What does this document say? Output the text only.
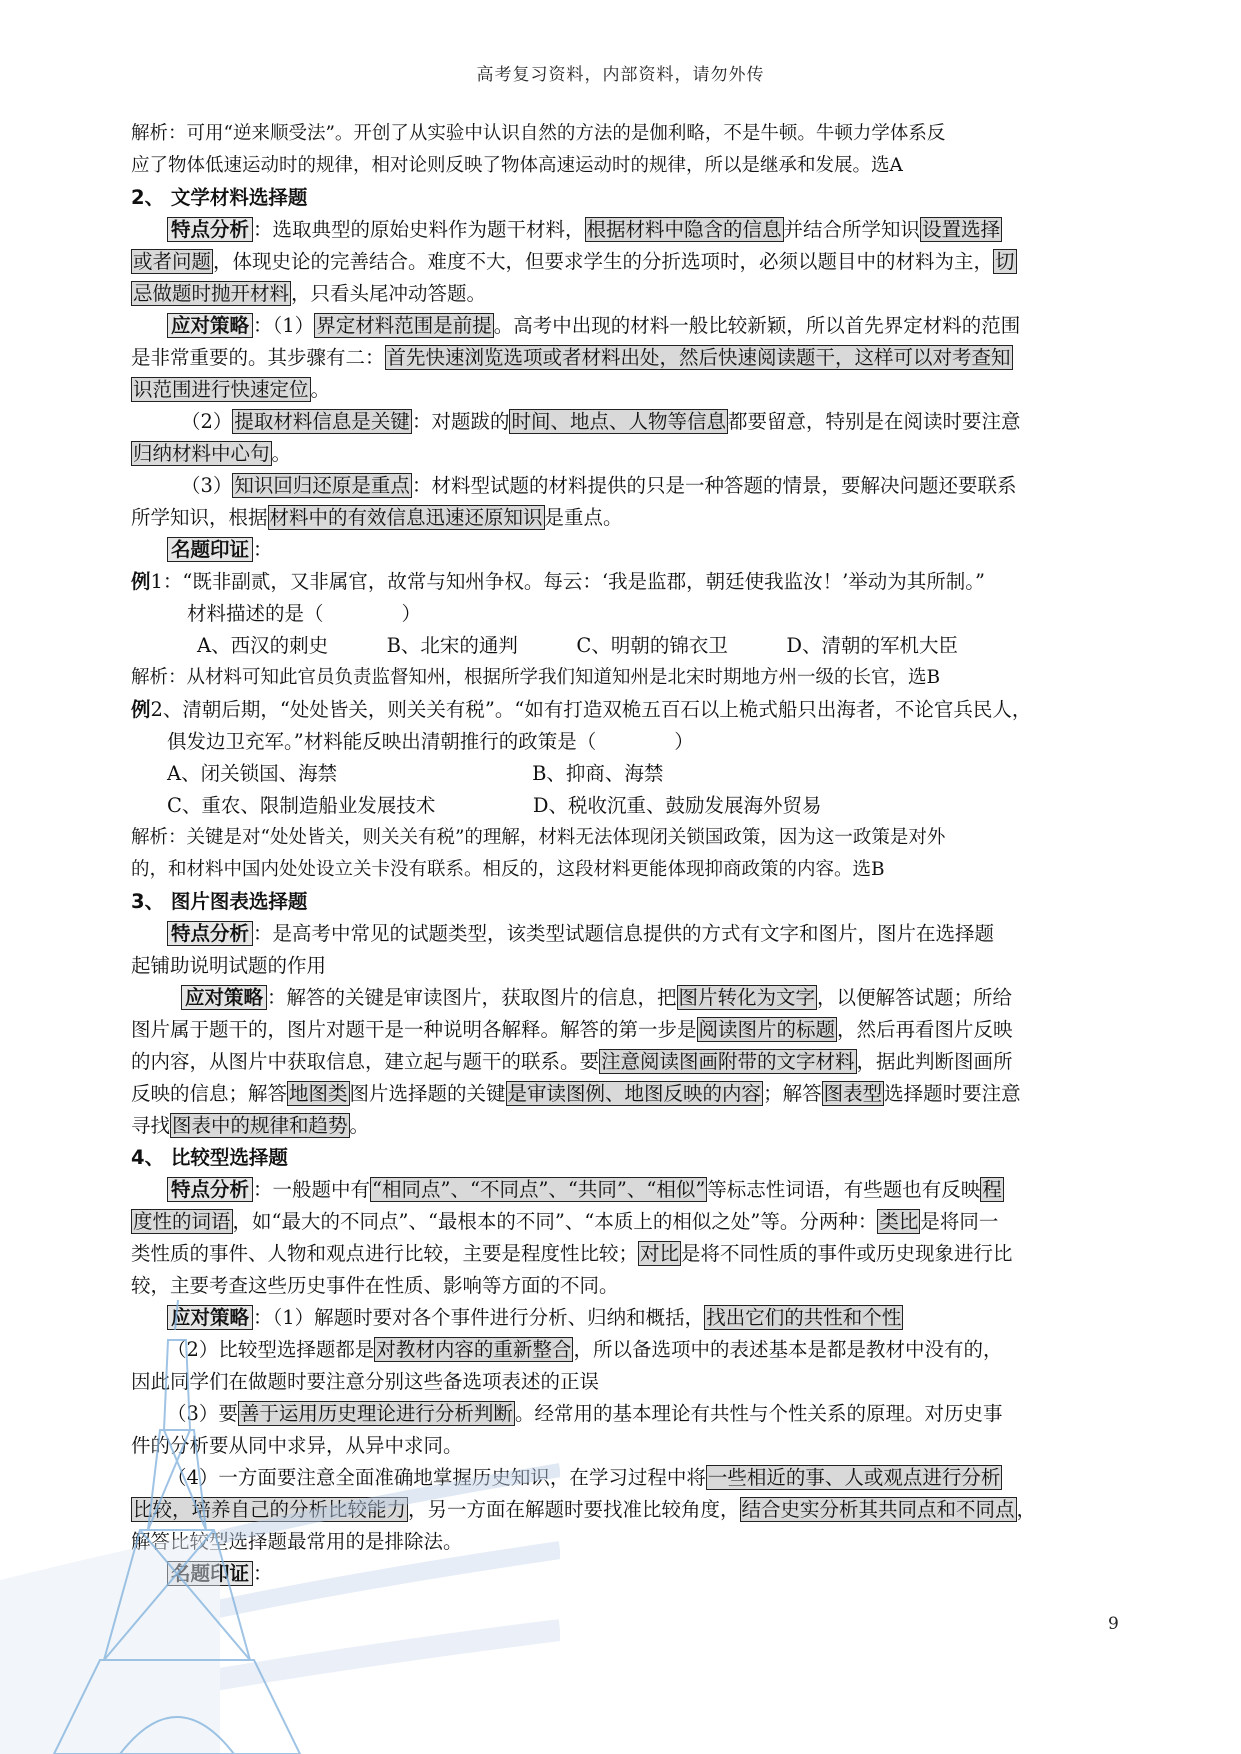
高考复习资料，内部资料，请勿外传
解析：可用“逆来顺受法”。开创了从实验中认识自然的方法的是伽利略，不是牛顿。牛顿力学体系反
应了物体低速运动时的规律，相对论则反映了物体高速运动时的规律，所以是继承和发展。选A
2、 文学材料选择题
特点分析 ：选取典型的原始史料作为题干材料， 根据材料中隐含的信息 并结合所学知识 设置选择
或者问题 ，体现史论的完善结合。难度不大，但要求学生的分折选项时，必须以题目中的材料为主， 切
忌做题时抛开材料 ，只看头尾冲动答题。
应对策略 ：（1） 界定材料范围是前提 。高考中出现的材料一般比较新颖，所以首先界定材料的范围
是非常重要的。其步骤有二： 首先快速浏览选项或者材料出处，然后快速阅读题干，这样可以对考查知
识范围进行快速定位 。
（2） 提取材料信息是关键 ：对题跋的 时间、地点、人物等信息 都要留意，特别是在阅读时要注意
归纳材料中心句 。
（3） 知识回归还原是重点 ：材料型试题的材料提供的只是一种答题的情景，要解决问题还要联系
所学知识，根据 材料中的有效信息迅速还原知识 是重点。
名题印证 ：
例1：“既非副贰，又非属官，故常与知州争权。每云：‘我是监郡，朝廷使我监汝！’举动为其所制。”
材料描述的是（　　　　）
A、西汉的刺史　　　B、北宋的通判　　　C、明朝的锦衣卫　　　D、清朝的军机大臣
解析：从材料可知此官员负责监督知州，根据所学我们知道知州是北宋时期地方州一级的长官，选B
例2、清朝后期，“处处皆关，则关关有税”。“如有打造双桅五百石以上桅式船只出海者，不论官兵民人，
俱发边卫充军。”材料能反映出清朝推行的政策是（　　　　）
A、闭关锁国、海禁　　　　　　　　　　B、抑商、海禁
C、重农、限制造船业发展技术　　　　　D、税收沉重、鼓励发展海外贸易
解析：关键是对“处处皆关，则关关有税”的理解，材料无法体现闭关锁国政策，因为这一政策是对外
的，和材料中国内处处设立关卡没有联系。相反的，这段材料更能体现抑商政策的内容。选B
3、 图片图表选择题
特点分析 ：是高考中常见的试题类型，该类型试题信息提供的方式有文字和图片，图片在选择题
起铺助说明试题的作用
应对策略 ：解答的关键是审读图片，获取图片的信息，把 图片转化为文字 ，以便解答试题；所给
图片属于题干的，图片对题干是一种说明各解释。解答的第一步是 阅读图片的标题 ，然后再看图片反映
的内容，从图片中获取信息，建立起与题干的联系。要 注意阅读图画附带的文字材料 ，据此判断图画所
反映的信息；解答 地图类 图片选择题的关键 是审读图例、地图反映的内容 ；解答 图表型 选择题时要注意
寻找 图表中的规律和趋势 。
4、 比较型选择题
特点分析 ：一般题中有 “相同点”、“不同点”、“共同”、“相似” 等标志性词语，有些题也有反映 程
度性的词语 ，如“最大的不同点”、“最根本的不同”、“本质上的相似之处”等。分两种： 类比 是将同一
类性质的事件、人物和观点进行比较，主要是程度性比较； 对比 是将不同性质的事件或历史现象进行比
较，主要考查这些历史事件在性质、影响等方面的不同。
应对策略 ：（1）解题时要对各个事件进行分析、归纳和概括， 找出它们的共性和个性
（2）比较型选择题都是 对教材内容的重新整合 ，所以备选项中的表述基本是都是教材中没有的，
因此同学们在做题时要注意分别这些备选项表述的正误
（3）要 善于运用历史理论进行分析判断 。经常用的基本理论有共性与个性关系的原理。对历史事
件的分析要从同中求异，从异中求同。
（4）一方面要注意全面准确地掌握历史知识，在学习过程中将 一些相近的事、人或观点进行分析
比较，培养自己的分析比较能力 ，另一方面在解题时要找准比较角度， 结合史实分析其共同点和不同点 ，
解答比较型选择题最常用的是排除法。
名题印证 ：
9
